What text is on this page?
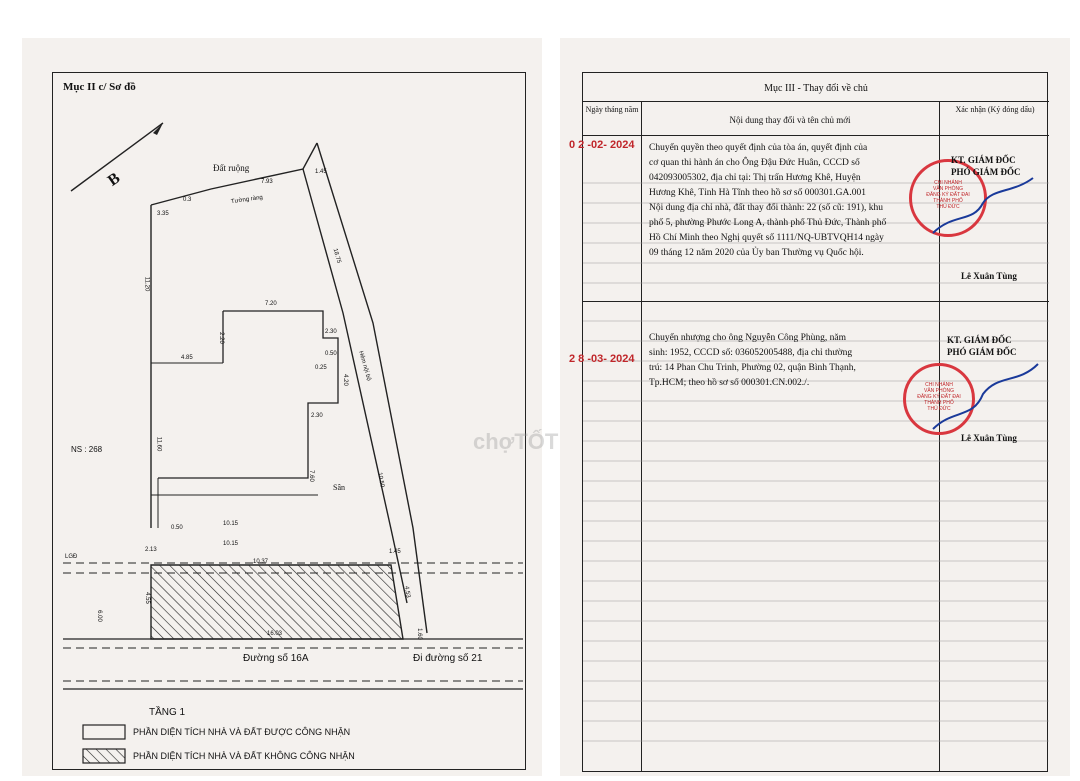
Mục II c/ Sơ đồ
B
Đất ruộng
Tường ràng
NS : 268
Sân
Hẻm nội bộ
LGĐ
Đường số 16A	Đi đường số 21
TẦNG 1
PHẦN DIỆN TÍCH NHÀ VÀ ĐẤT ĐƯỢC CÔNG NHẬN
PHẦN DIỆN TÍCH NHÀ VÀ ĐẤT KHÔNG CÔNG NHẬN
7.93
1.45
3.35
0.3
11.20
7.20
18.75
2.30
0.50
4.85
2.30
0.25
4.20
2.20
11.60
7.60	10.50
0.50
10.15
10.15
1.45
10.37
4.55	4.53
16.03	1.60
6.00
2.13
Mục III - Thay đổi về chủ
Ngày tháng năm
Nội dung thay đổi và tên chủ mới
Xác nhận (Ký đóng dấu)
0 2 -02- 2024 Chuyển quyền theo quyết định của tòa án, quyết định của
cơ quan thi hành án cho Ông Đậu Đức Huân, CCCD số
042093005302, địa chỉ tại: Thị trấn Hương Khê, Huyện
Hương Khê, Tỉnh Hà Tĩnh theo hồ sơ số 000301.GA.001
Nội dung địa chỉ nhà, đất thay đổi thành: 22 (số cũ: 191), khu
phố 5, phường Phước Long A, thành phố Thủ Đức, Thành phố
Hồ Chí Minh theo Nghị quyết số 1111/NQ-UBTVQH14 ngày
09 tháng 12 năm 2020 của Ủy ban Thường vụ Quốc hội.
CHI NHÁNH
VĂN PHÒNG
ĐĂNG KÝ ĐẤT ĐAI
THÀNH PHỐ
THỦ ĐỨC
KT. GIÁM ĐỐC
PHÓ GIÁM ĐỐC
Lê Xuân Tùng
2 8 -03- 2024
Chuyển nhượng cho ông Nguyễn Công Phùng, năm
sinh: 1952, CCCD số: 036052005488, địa chỉ thường
trú: 14 Phan Chu Trinh, Phường 02, quận Bình Thạnh,
Tp.HCM; theo hồ sơ số 000301.CN.002./.
KT. GIÁM ĐỐC
PHÓ GIÁM ĐỐC
CHI NHÁNH
VĂN PHÒNG
ĐĂNG KÝ ĐẤT ĐAI
THÀNH PHỐ
THỦ ĐỨC
Lê Xuân Tùng
chợTỐT
